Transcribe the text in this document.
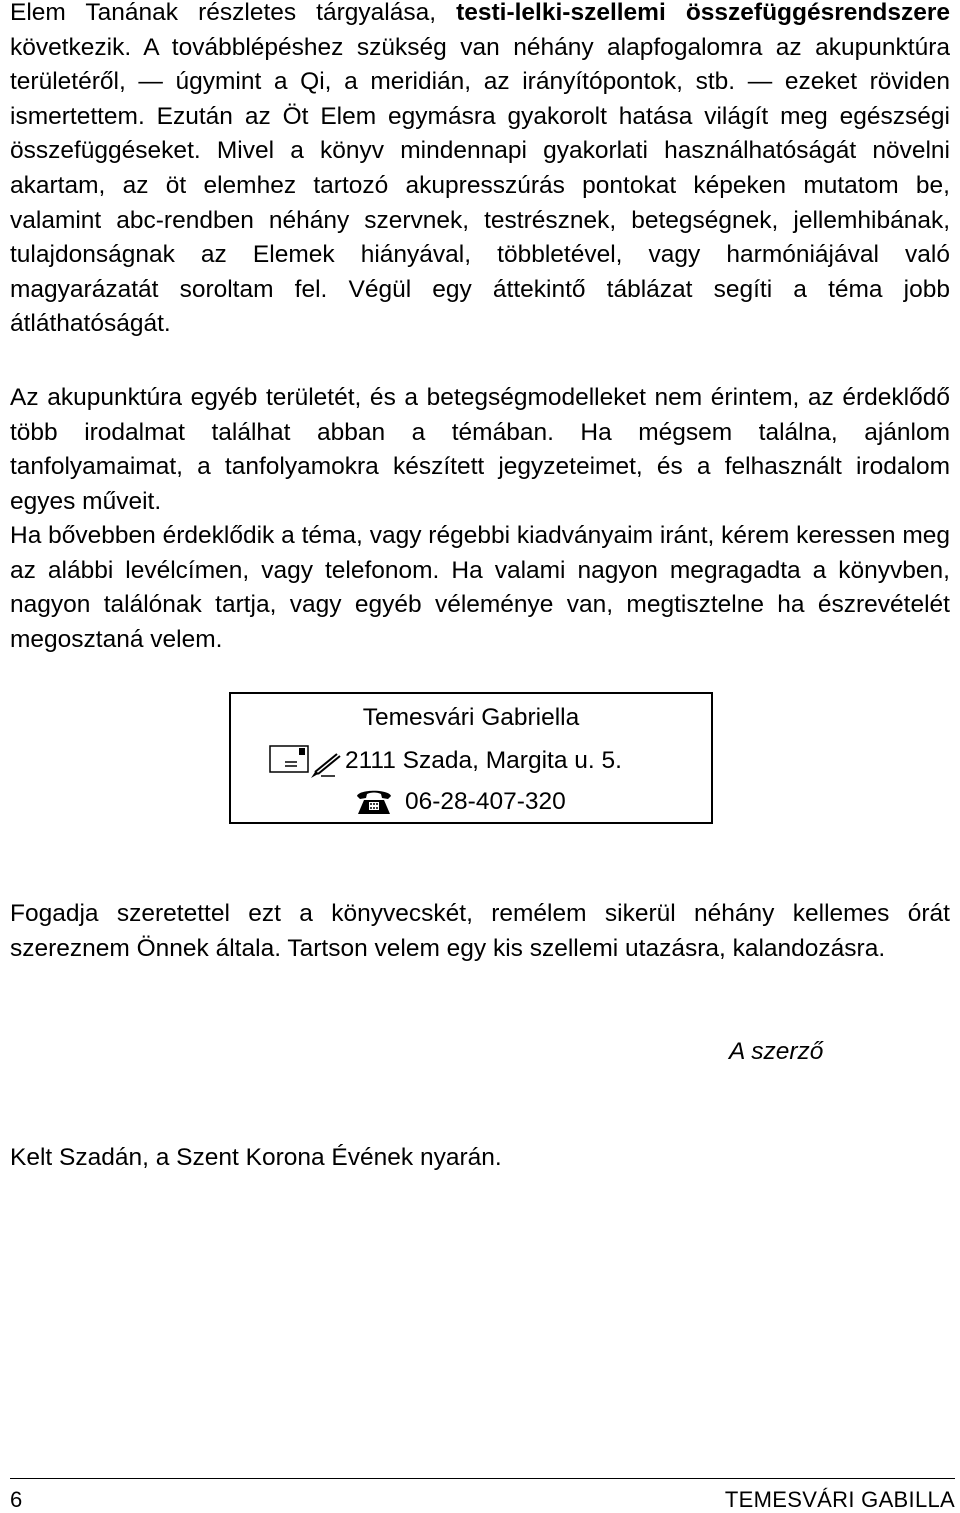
Elem Tanának részletes tárgyalása, testi-lelki-szellemi összefüggésrendszere következik. A továbblépéshez szükség van néhány alapfogalomra az akupunktúra területéről, — úgymint a Qi, a meridián, az irányítópontok, stb. — ezeket röviden ismertettem. Ezután az Öt Elem egymásra gyakorolt hatása világít meg egészségi összefüggéseket. Mivel a könyv mindennapi gyakorlati használhatóságát növelni akartam, az öt elemhez tartozó akupresszúrás pontokat képeken mutatom be, valamint abc-rendben néhány szervnek, testrésznek, betegségnek, jellemhibának, tulajdonságnak az Elemek hiányával, többletével, vagy harmóniájával való magyarázatát soroltam fel. Végül egy áttekintő táblázat segíti a téma jobb átláthatóságát.

Az akupunktúra egyéb területét, és a betegségmodelleket nem érintem, az érdeklődő több irodalmat találhat abban a témában. Ha mégsem találna, ajánlom tanfolyamaimat, a tanfolyamokra készített jegyzeteimet, és a felhasznált irodalom egyes műveit.

Ha bővebben érdeklődik a téma, vagy régebbi kiadványaim iránt, kérem keressen meg az alábbi levélcímen, vagy telefonom. Ha valami nagyon megragadta a könyvben, nagyon találónak tartja, vagy egyéb véleménye van, megtisztelne ha észrevételét megosztaná velem.

Fogadja szeretettel ezt a könyvecskét, remélem sikerül néhány kellemes órát szereznem Önnek általa. Tartson velem egy kis szellemi utazásra, kalandozásra.

Temesvári Gabriella
2111 Szada, Margita u. 5.
06-28-407-320
A szerző
Kelt Szadán, a Szent Korona Évének nyarán.
6	TEMESVÁRI GABILLA
